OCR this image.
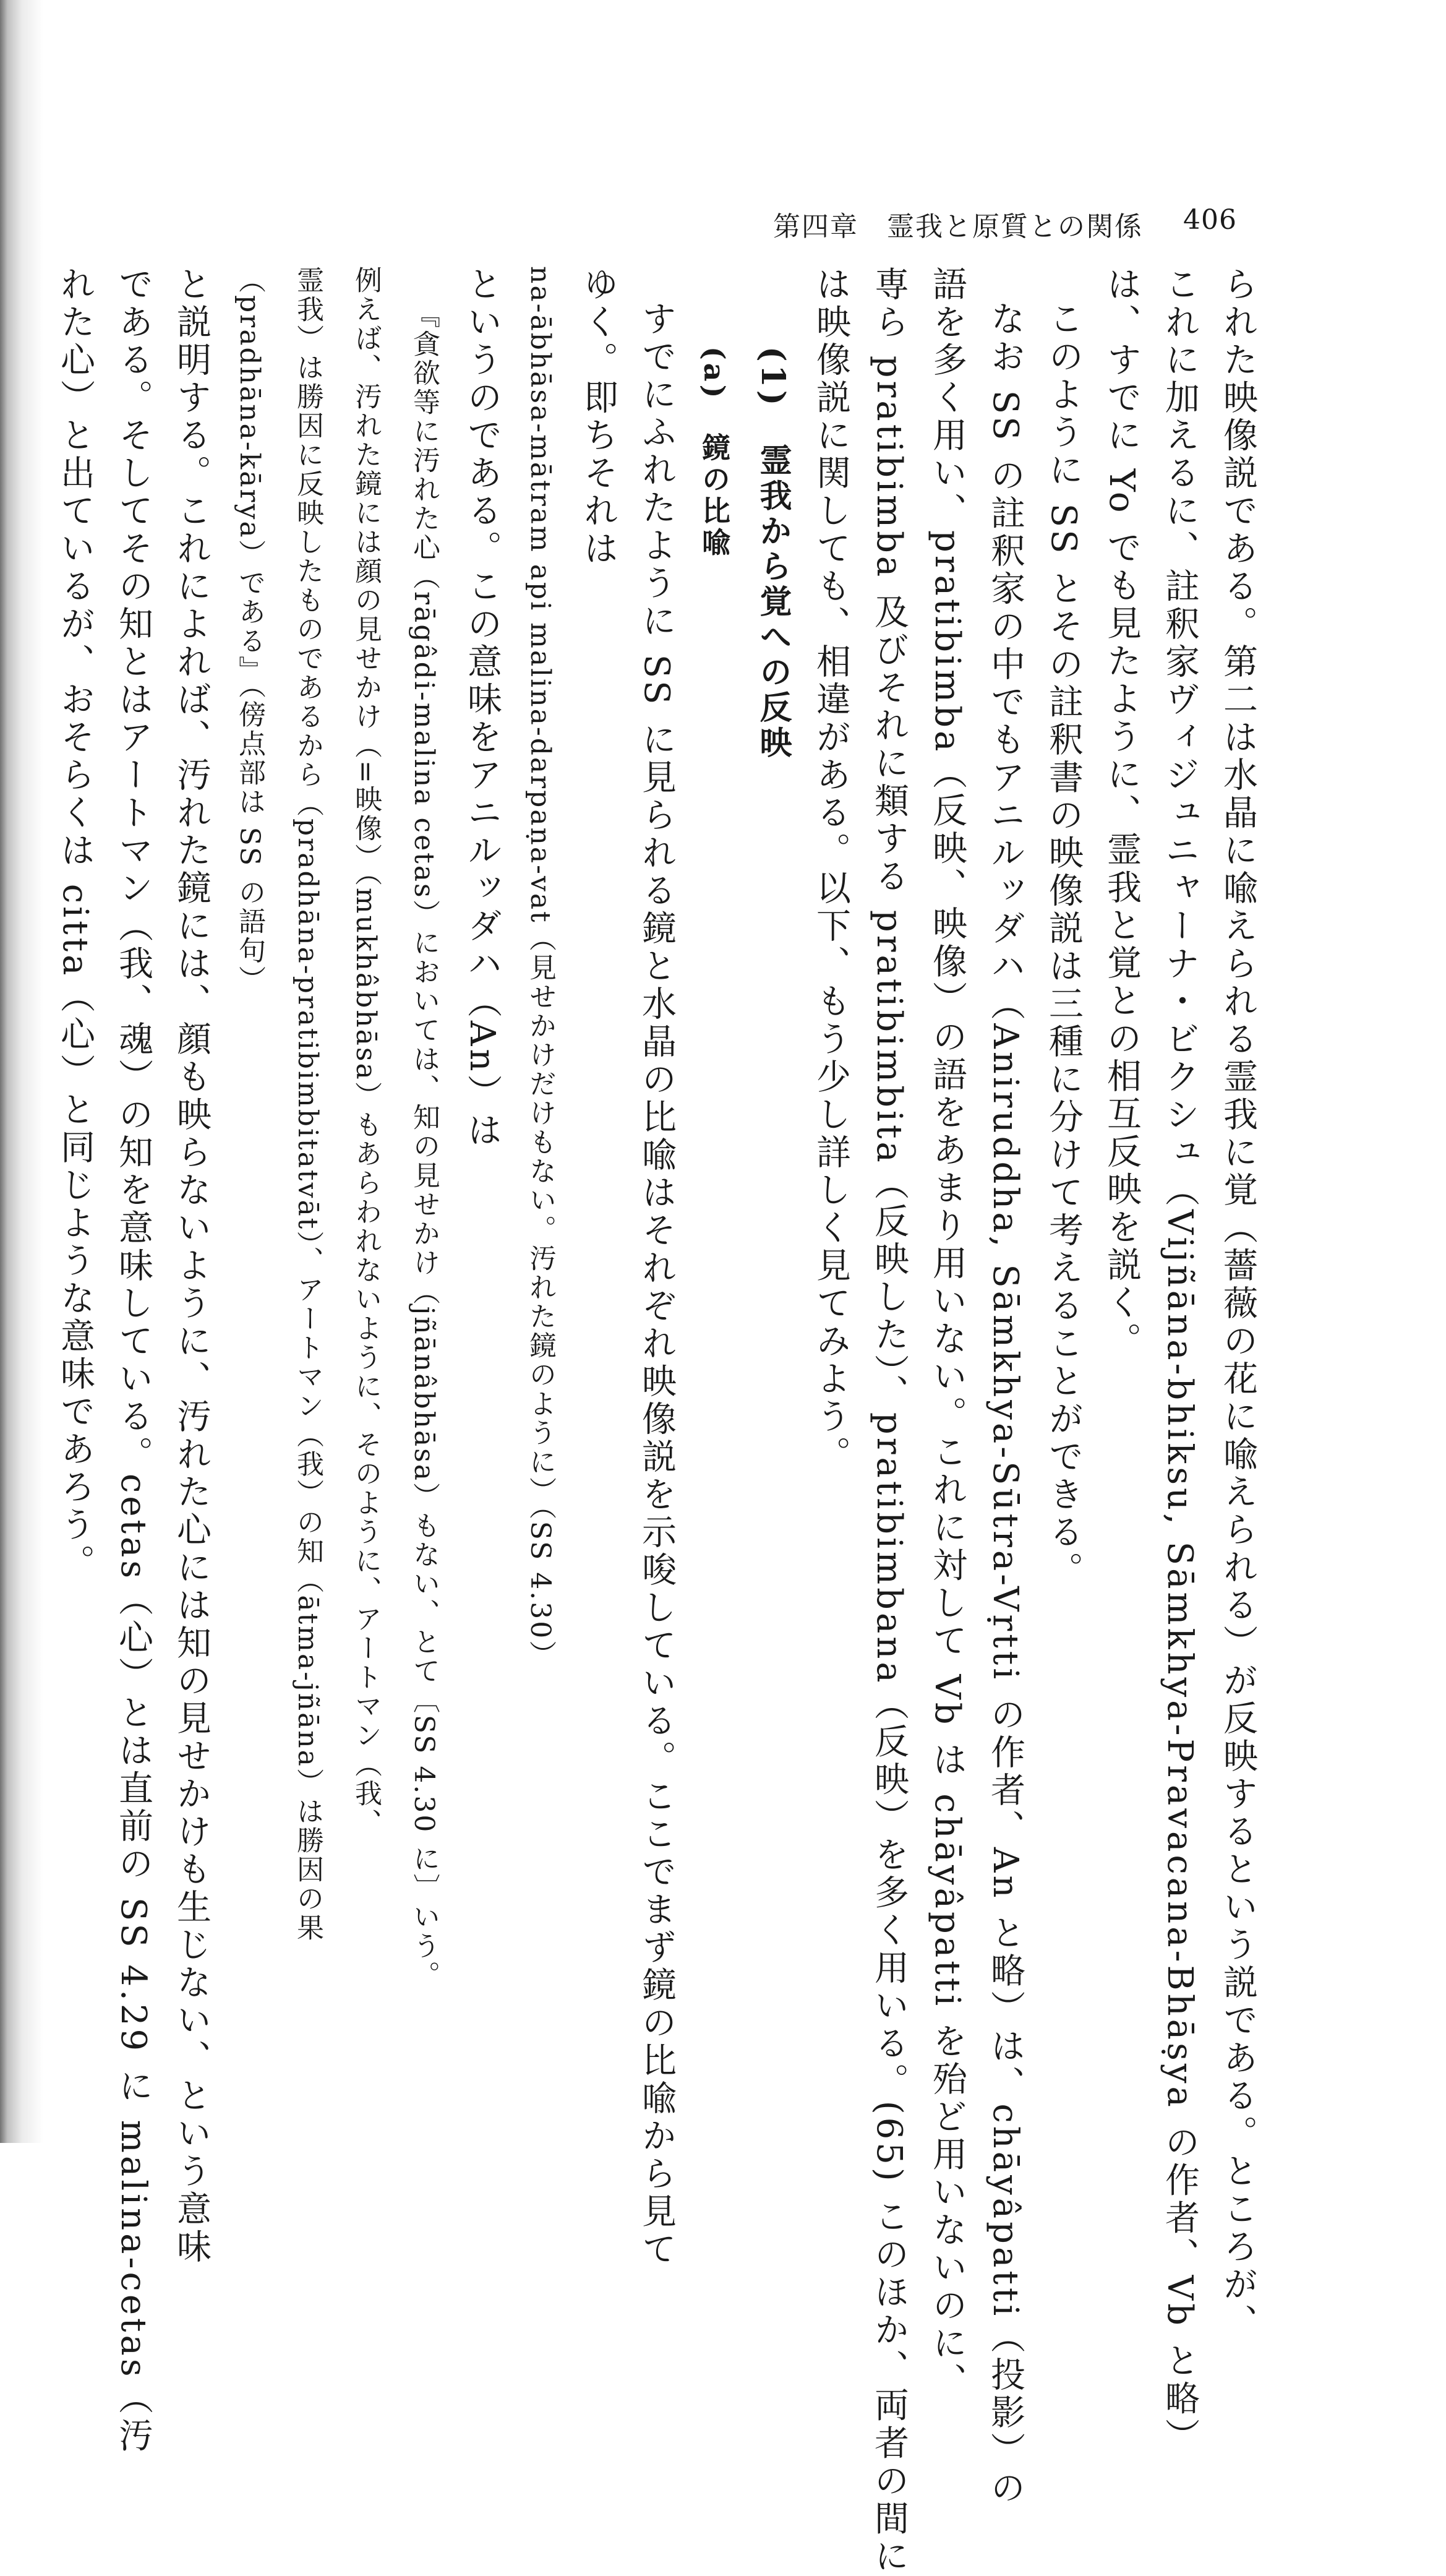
第四章　霊我と原質との関係 406
られた映像説である。第二は水晶に喩えられる霊我に覚（薔薇の花に喩えられる）が反映するという説である。ところが、
これに加えるに、註釈家ヴィジュニャーナ・ビクシュ（Vijñāna-bhiksu, Sāmkhya-Pravacana-Bhāṣya の作者、Vb と略）
は、すでに Yo でも見たように、霊我と覚との相互反映を説く。
このように SS とその註釈書の映像説は三種に分けて考えることができる。
なお SS の註釈家の中でもアニルッダハ（Aniruddha, Sāmkhya-Sūtra-Vṛtti の作者、An と略）は、chāyâpatti（投影）の
語を多く用い、pratibimba（反映、映像）の語をあまり用いない。これに対して Vb は chāyâpatti を殆ど用いないのに、
専ら pratibimba 及びそれに類する pratibimbita（反映した）、pratibimbana（反映）を多く用いる。(65) このほか、両者の間に
は映像説に関しても、相違がある。以下、もう少し詳しく見てみよう。
(1)　霊我から覚への反映
(a)　鏡の比喩
すでにふれたように SS に見られる鏡と水晶の比喩はそれぞれ映像説を示唆している。ここでまず鏡の比喩から見て
ゆく。即ちそれは
na-ābhāsa-mātram api malina-darpaṇa-vat（見せかけだけもない。汚れた鏡のように）（SS 4.30）
というのである。この意味をアニルッダハ（An）は
『貪欲等に汚れた心（rāgâdi-malina cetas）においては、知の見せかけ（jñānâbhāsa）もない、とて〔SS 4.30 に〕いう。
例えば、汚れた鏡には顔の見せかけ（=映像）（mukhâbhāsa）もあらわれないように、そのように、アートマン（我、
霊我）は勝因に反映したものであるから（pradhāna-pratibimbitatvāt）、アートマン（我）の知（ātma-jñāna）は勝因の果
（pradhāna-kārya）である』（傍点部は SS の語句）
と説明する。これによれば、汚れた鏡には、顔も映らないように、汚れた心には知の見せかけも生じない、という意味
である。そしてその知とはアートマン（我、魂）の知を意味している。cetas（心）とは直前の SS 4.29 に malina-cetas（汚
れた心）と出ているが、おそらくは citta（心）と同じような意味であろう。
